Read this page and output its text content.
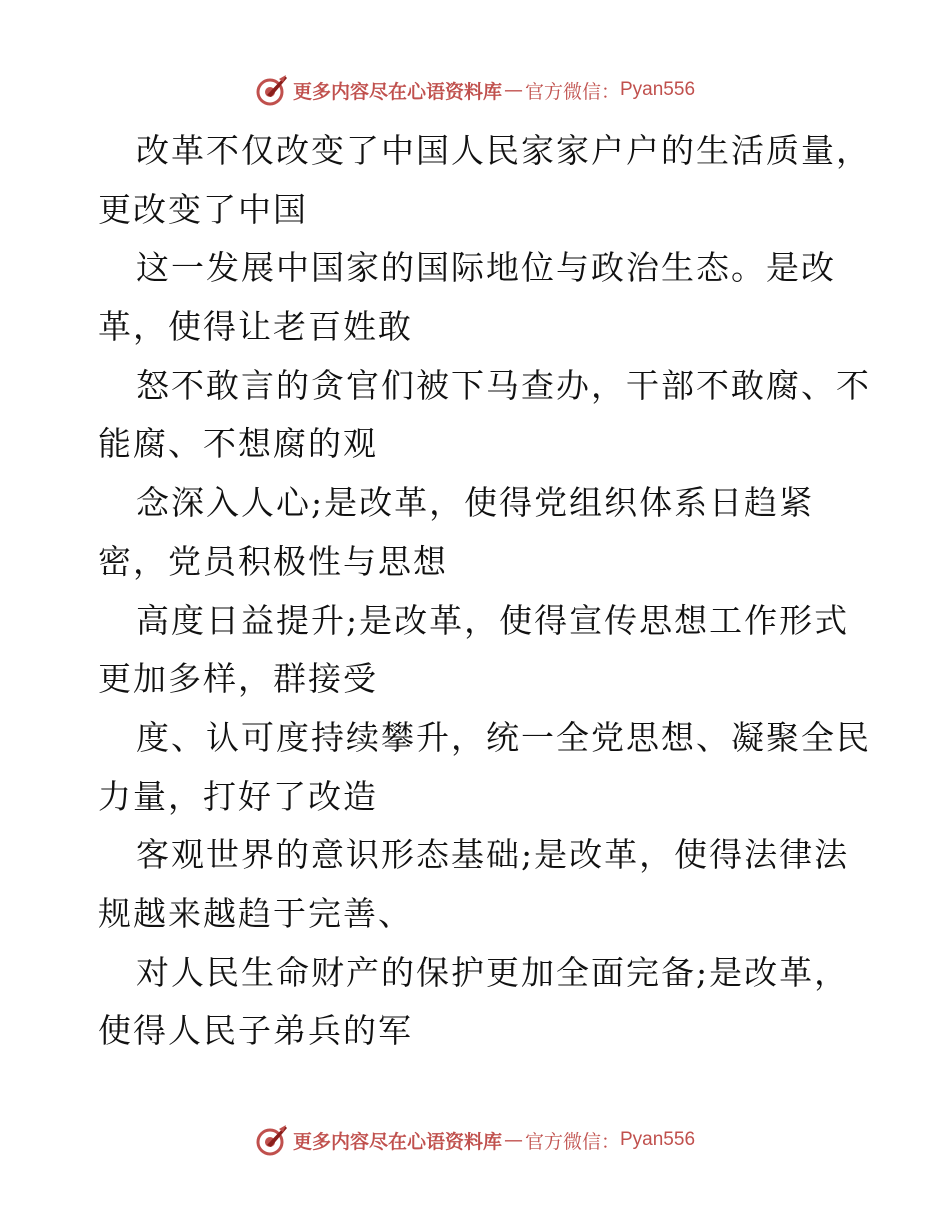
更多内容尽在心语资料库 — 官方微信： Pyan556
改革不仅改变了中国人民家家户户的生活质量，
更改变了中国
这一发展中国家的国际地位与政治生态。是改
革，使得让老百姓敢
怒不敢言的贪官们被下马查办，干部不敢腐、不
能腐、不想腐的观
念深入人心;是改革，使得党组织体系日趋紧
密，党员积极性与思想
高度日益提升;是改革，使得宣传思想工作形式
更加多样，群接受
度、认可度持续攀升，统一全党思想、凝聚全民
力量，打好了改造
客观世界的意识形态基础;是改革，使得法律法
规越来越趋于完善、
对人民生命财产的保护更加全面完备;是改革，
使得人民子弟兵的军
更多内容尽在心语资料库 — 官方微信： Pyan556
